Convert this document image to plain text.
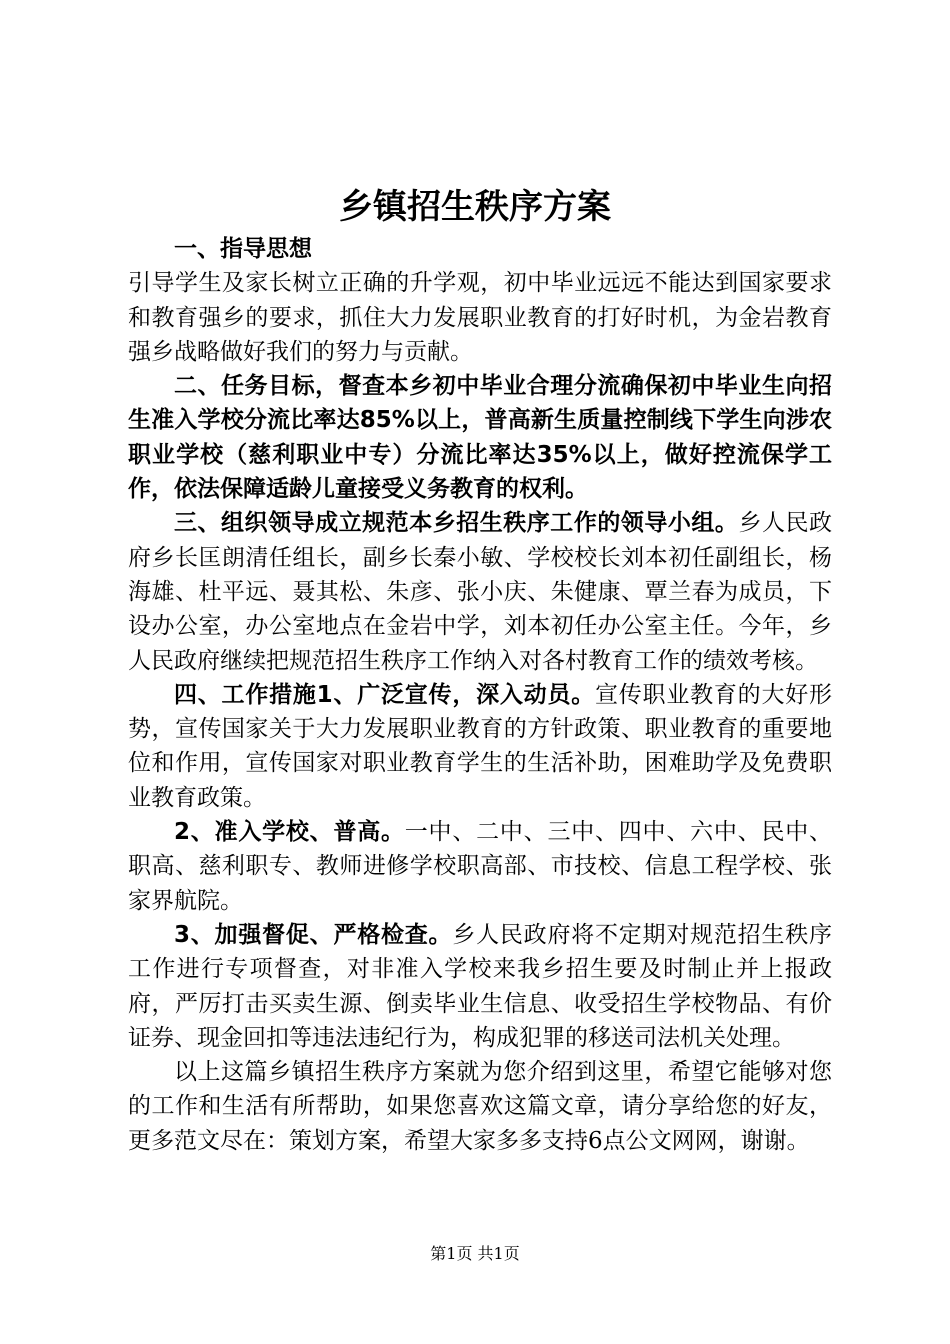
乡镇招生秩序方案

一、指导思想
引导学生及家长树立正确的升学观，初中毕业远远不能达到国家要求和教育强乡的要求，抓住大力发展职业教育的打好时机，为金岩教育强乡战略做好我们的努力与贡献。

二、任务目标，督查本乡初中毕业合理分流确保初中毕业生向招生准入学校分流比率达85%以上，普高新生质量控制线下学生向涉农职业学校（慈利职业中专）分流比率达35%以上，做好控流保学工作，依法保障适龄儿童接受义务教育的权利。

三、组织领导成立规范本乡招生秩序工作的领导小组。乡人民政府乡长匡朗清任组长，副乡长秦小敏、学校校长刘本初任副组长，杨海雄、杜平远、聂其松、朱彦、张小庆、朱健康、覃兰春为成员，下设办公室，办公室地点在金岩中学，刘本初任办公室主任。今年，乡人民政府继续把规范招生秩序工作纳入对各村教育工作的绩效考核。

四、工作措施1、广泛宣传，深入动员。宣传职业教育的大好形势，宣传国家关于大力发展职业教育的方针政策、职业教育的重要地位和作用，宣传国家对职业教育学生的生活补助，困难助学及免费职业教育政策。

2、准入学校、普高。一中、二中、三中、四中、六中、民中、职高、慈利职专、教师进修学校职高部、市技校、信息工程学校、张家界航院。

3、加强督促、严格检查。乡人民政府将不定期对规范招生秩序工作进行专项督查，对非准入学校来我乡招生要及时制止并上报政府，严厉打击买卖生源、倒卖毕业生信息、收受招生学校物品、有价证券、现金回扣等违法违纪行为，构成犯罪的移送司法机关处理。

以上这篇乡镇招生秩序方案就为您介绍到这里，希望它能够对您的工作和生活有所帮助，如果您喜欢这篇文章，请分享给您的好友，更多范文尽在：策划方案，希望大家多多支持6点公文网网，谢谢。

第1页 共1页
